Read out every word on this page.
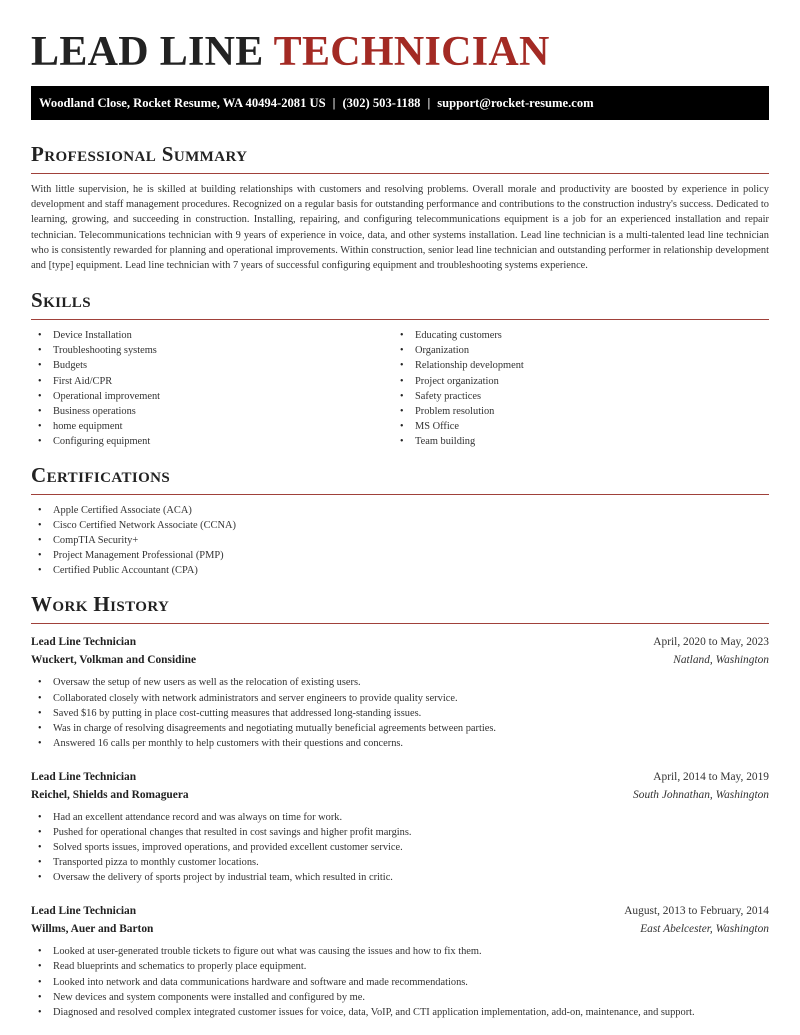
LEAD LINE TECHNICIAN
Woodland Close, Rocket Resume, WA 40494-2081 US | (302) 503-1188 | support@rocket-resume.com
Professional Summary

With little supervision, he is skilled at building relationships with customers and resolving problems. Overall morale and productivity are boosted by experience in policy development and staff management procedures. Recognized on a regular basis for outstanding performance and contributions to the construction industry's success. Dedicated to learning, growing, and succeeding in construction. Installing, repairing, and configuring telecommunications equipment is a job for an experienced installation and repair technician. Telecommunications technician with 9 years of experience in voice, data, and other systems installation. Lead line technician is a multi-talented lead line technician who is consistently rewarded for planning and operational improvements. Within construction, senior lead line technician and outstanding performer in relationship development and [type] equipment. Lead line technician with 7 years of successful configuring equipment and troubleshooting systems experience.

Skills
• Device Installation
• Troubleshooting systems
• Budgets
• First Aid/CPR
• Operational improvement
• Business operations
• home equipment
• Configuring equipment
• Educating customers
• Organization
• Relationship development
• Project organization
• Safety practices
• Problem resolution
• MS Office
• Team building
Certifications
• Apple Certified Associate (ACA)
• Cisco Certified Network Associate (CCNA)
• CompTIA Security+
• Project Management Professional (PMP)
• Certified Public Accountant (CPA)
Work History
Lead Line Technician	April, 2020 to May, 2023
Wuckert, Volkman and Considine	Natland, Washington
• Oversaw the setup of new users as well as the relocation of existing users.
• Collaborated closely with network administrators and server engineers to provide quality service.
• Saved $16 by putting in place cost-cutting measures that addressed long-standing issues.
• Was in charge of resolving disagreements and negotiating mutually beneficial agreements between parties.
• Answered 16 calls per monthly to help customers with their questions and concerns.
Lead Line Technician	April, 2014 to May, 2019
Reichel, Shields and Romaguera	South Johnathan, Washington
• Had an excellent attendance record and was always on time for work.
• Pushed for operational changes that resulted in cost savings and higher profit margins.
• Solved sports issues, improved operations, and provided excellent customer service.
• Transported pizza to monthly customer locations.
• Oversaw the delivery of sports project by industrial team, which resulted in critic.
Lead Line Technician	August, 2013 to February, 2014
Willms, Auer and Barton	East Abelcester, Washington
• Looked at user-generated trouble tickets to figure out what was causing the issues and how to fix them.
• Read blueprints and schematics to properly place equipment.
• Looked into network and data communications hardware and software and made recommendations.
• New devices and system components were installed and configured by me.
• Diagnosed and resolved complex integrated customer issues for voice, data, VoIP, and CTI application implementation, add-on, maintenance, and support.
